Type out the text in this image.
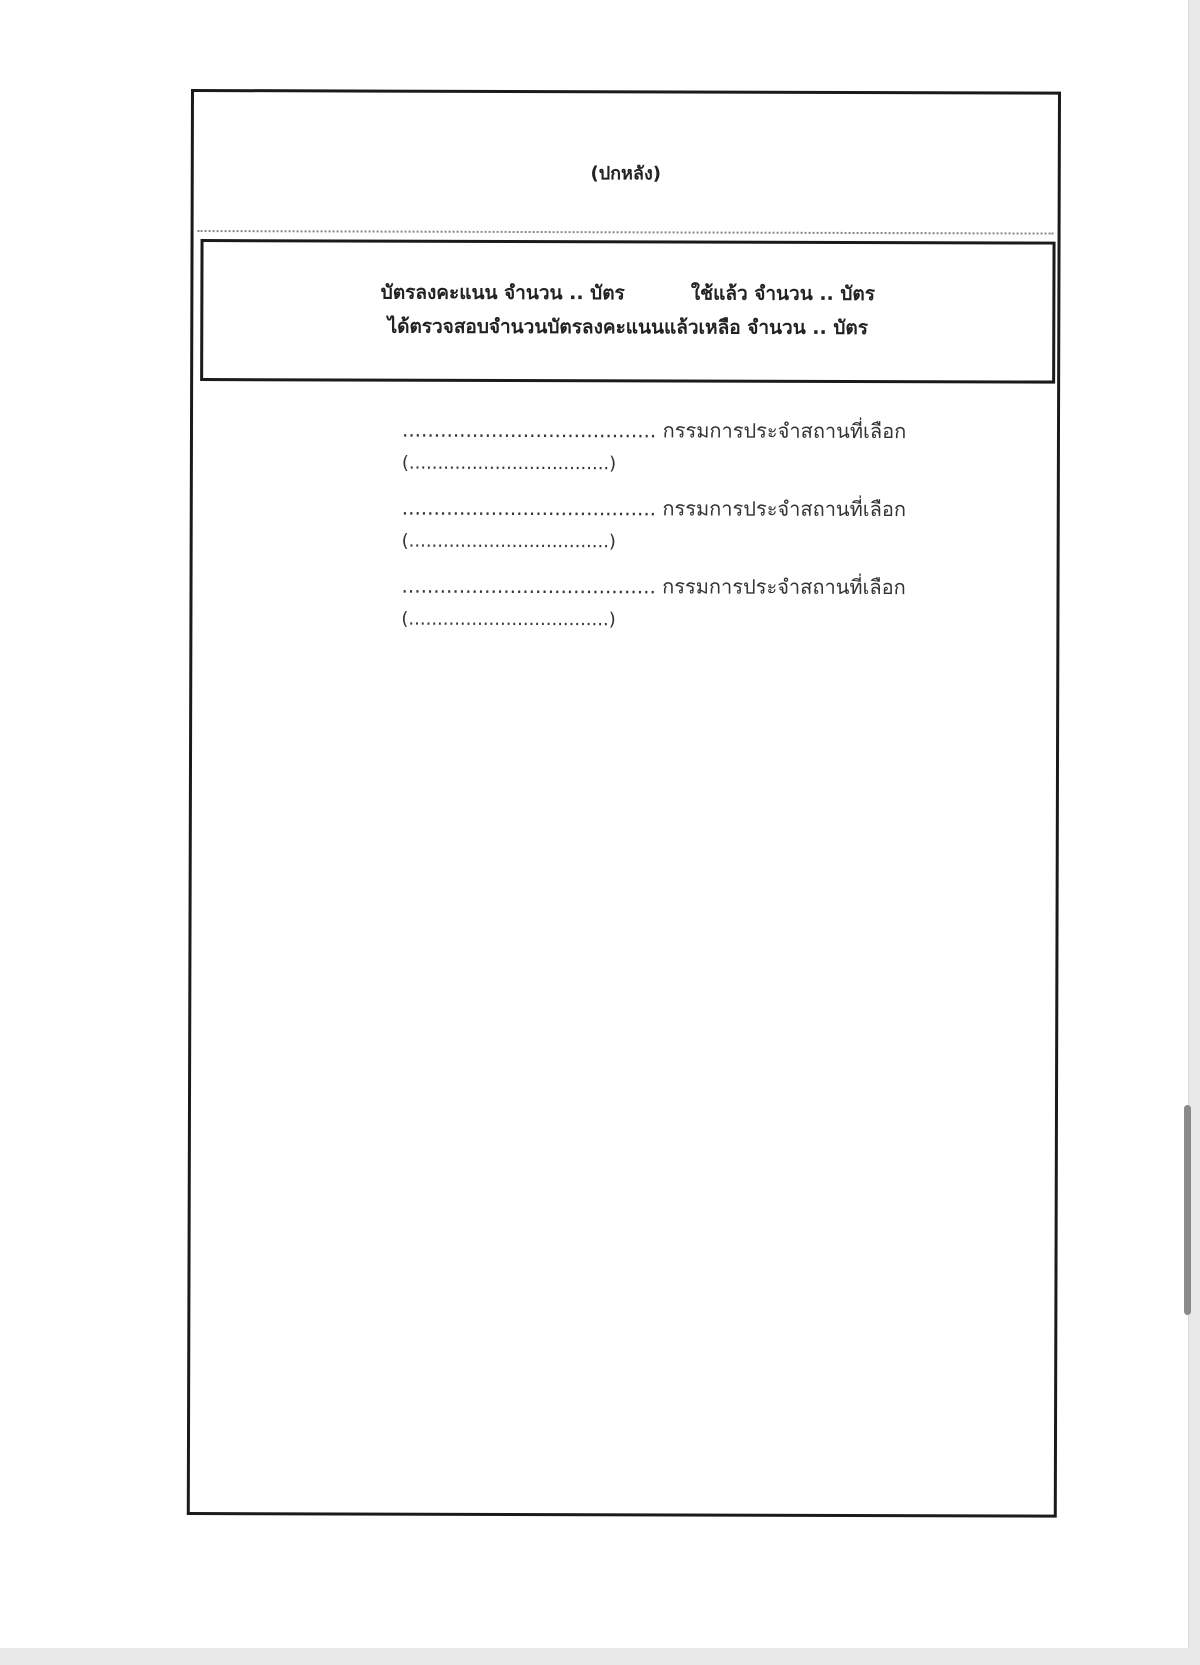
(ปกหลัง)
บัตรลงคะแนน จำนวน .. บัตร          ใช้แล้ว จำนวน .. บัตร
ได้ตรวจสอบจำนวนบัตรลงคะแนนแล้วเหลือ จำนวน .. บัตร
........................................ กรรมการประจำสถานที่เลือก
(...................................)
........................................ กรรมการประจำสถานที่เลือก
(...................................)
........................................ กรรมการประจำสถานที่เลือก
(...................................)
